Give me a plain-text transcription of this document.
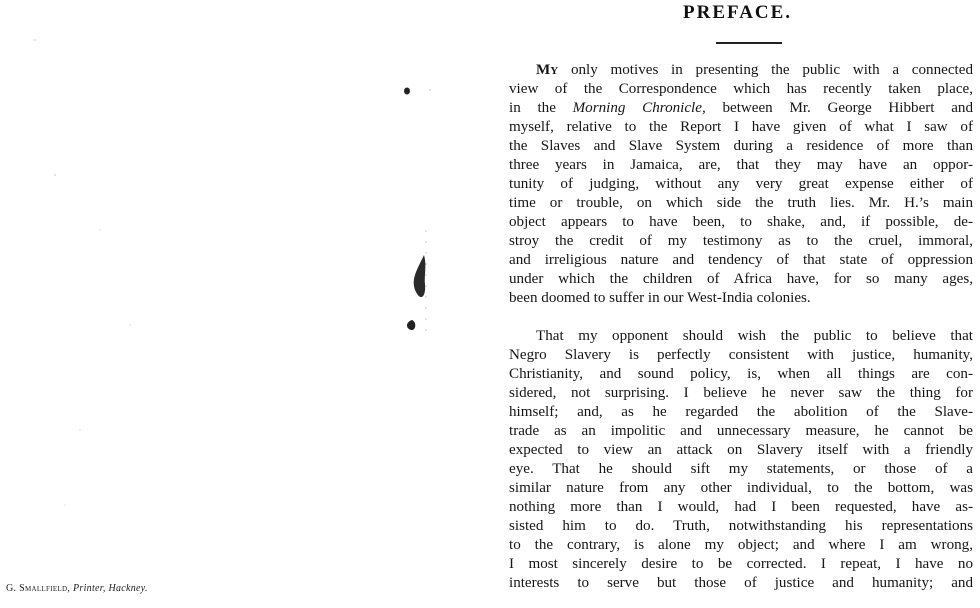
G. Smallfield, Printer, Hackney.
PREFACE.
My only motives in presenting the public with a connected
view of the Correspondence which has recently taken place,
in the Morning Chronicle, between Mr. George Hibbert and
myself, relative to the Report I have given of what I saw of
the Slaves and Slave System during a residence of more than
three years in Jamaica, are, that they may have an oppor-
tunity of judging, without any very great expense either of
time or trouble, on which side the truth lies. Mr. H.’s main
object appears to have been, to shake, and, if possible, de-
stroy the credit of my testimony as to the cruel, immoral,
and irreligious nature and tendency of that state of oppression
under which the children of Africa have, for so many ages,
been doomed to suffer in our West-India colonies.
That my opponent should wish the public to believe that
Negro Slavery is perfectly consistent with justice, humanity,
Christianity, and sound policy, is, when all things are con-
sidered, not surprising. I believe he never saw the thing for
himself; and, as he regarded the abolition of the Slave-
trade as an impolitic and unnecessary measure, he cannot be
expected to view an attack on Slavery itself with a friendly
eye. That he should sift my statements, or those of a
similar nature from any other individual, to the bottom, was
nothing more than I would, had I been requested, have as-
sisted him to do. Truth, notwithstanding his representations
to the contrary, is alone my object; and where I am wrong,
I most sincerely desire to be corrected. I repeat, I have no
interests to serve but those of justice and humanity; and
